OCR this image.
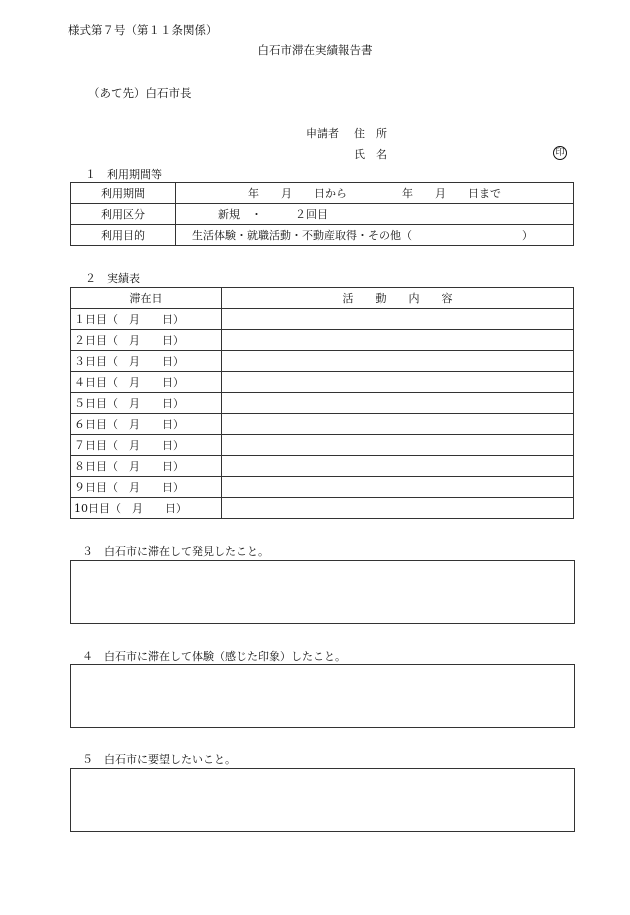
様式第７号（第１１条関係）
白石市滞在実績報告書
（あて先）白石市長
申請者 住　所
氏　名	印
１　利用期間等
利用期間	年　　月　　日から　　　　　年　　月　　日まで
利用区分	新規　・　　　２回目
利用目的	生活体験・就職活動・不動産取得・その他（　　　　　　　　　　）
２　実績表
滞在日	活　　動　　内　　容
１日目（　月　　日）	
２日目（　月　　日）	
３日目（　月　　日）	
４日目（　月　　日）	
５日目（　月　　日）	
６日目（　月　　日）	
７日目（　月　　日）	
８日目（　月　　日）	
９日目（　月　　日）	
10日目（　月　　日）	
３　白石市に滞在して発見したこと。
４　白石市に滞在して体験（感じた印象）したこと。
５　白石市に要望したいこと。
